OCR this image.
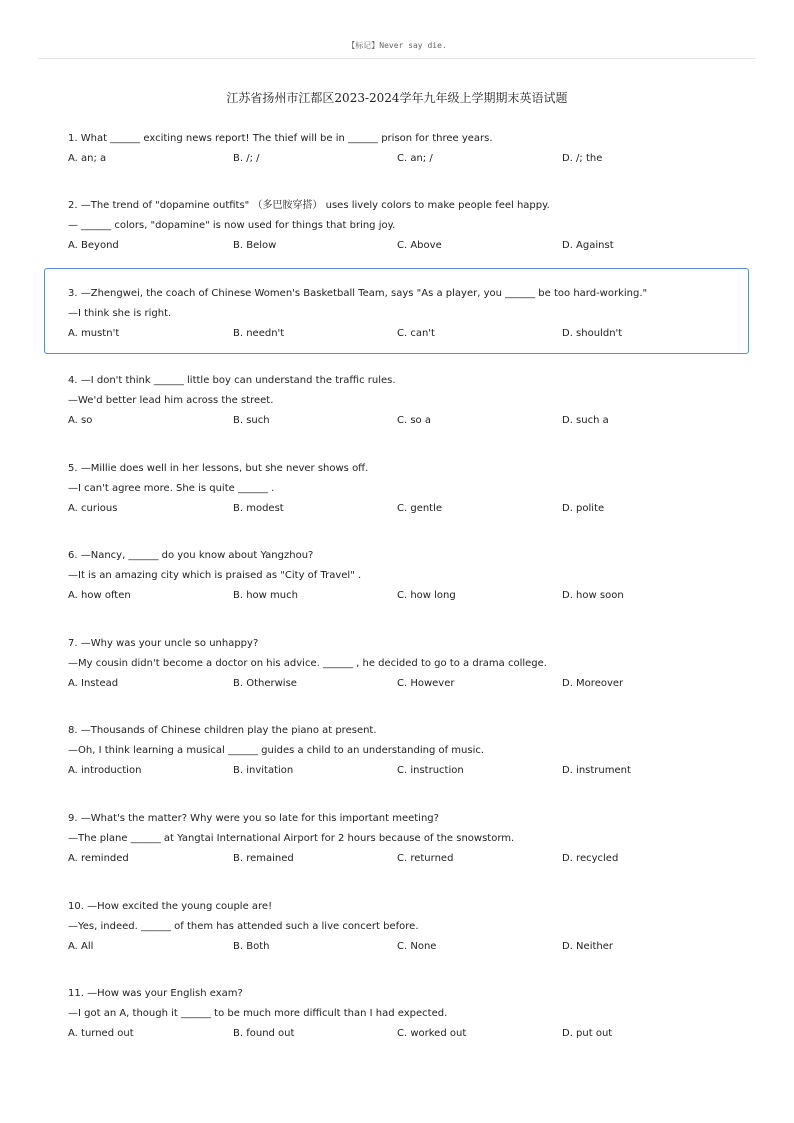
【标记】Never say die.
江苏省扬州市江都区2023-2024学年九年级上学期期末英语试题
1. What ______ exciting news report! The thief will be in ______ prison for three years.
A. an; a	B. /; /	C. an; /	D. /; the
2. —The trend of "dopamine outfits" （多巴胺穿搭） uses lively colors to make people feel happy.
— ______ colors, "dopamine" is now used for things that bring joy.
A. Beyond	B. Below	C. Above	D. Against
3. —Zhengwei, the coach of Chinese Women's Basketball Team, says "As a player, you ______ be too hard-working."
—I think she is right.
A. mustn't	B. needn't	C. can't	D. shouldn't
4. —I don't think ______ little boy can understand the traffic rules.
—We'd better lead him across the street.
A. so	B. such	C. so a	D. such a
5. —Millie does well in her lessons, but she never shows off.
—I can't agree more. She is quite ______ .
A. curious	B. modest	C. gentle	D. polite
6. —Nancy, ______ do you know about Yangzhou?
—It is an amazing city which is praised as "City of Travel" .
A. how often	B. how much	C. how long	D. how soon
7. —Why was your uncle so unhappy?
—My cousin didn't become a doctor on his advice. ______ , he decided to go to a drama college.
A. Instead	B. Otherwise	C. However	D. Moreover
8. —Thousands of Chinese children play the piano at present.
—Oh, I think learning a musical ______ guides a child to an understanding of music.
A. introduction	B. invitation	C. instruction	D. instrument
9. —What's the matter? Why were you so late for this important meeting?
—The plane ______ at Yangtai International Airport for 2 hours because of the snowstorm.
A. reminded	B. remained	C. returned	D. recycled
10. —How excited the young couple are!
—Yes, indeed. ______ of them has attended such a live concert before.
A. All	B. Both	C. None	D. Neither
11. —How was your English exam?
—I got an A, though it ______ to be much more difficult than I had expected.
A. turned out	B. found out	C. worked out	D. put out
